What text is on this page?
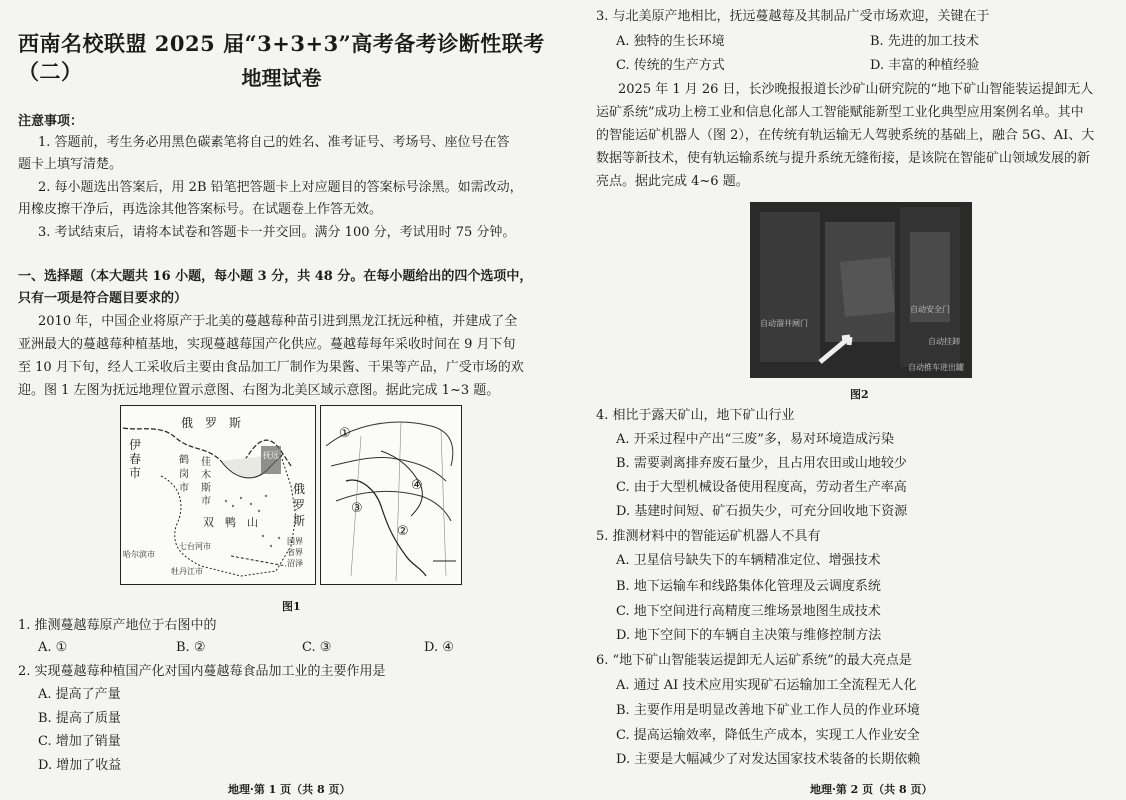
西南名校联盟 2025 届“3+3+3”高考备考诊断性联考（二）	地理试卷
注意事项：
1. 答题前，考生务必用黑色碳素笔将自己的姓名、准考证号、考场号、座位号在答
题卡上填写清楚。
2. 每小题选出答案后，用 2B 铅笔把答题卡上对应题目的答案标号涂黑。如需改动，
用橡皮擦干净后，再选涂其他答案标号。在试题卷上作答无效。
3. 考试结束后，请将本试卷和答题卡一并交回。满分 100 分，考试用时 75 分钟。
一、选择题（本大题共 16 小题，每小题 3 分，共 48 分。在每小题给出的四个选项中，
只有一项是符合题目要求的）
2010 年，中国企业将原产于北美的蔓越莓种苗引进到黑龙江抚远种植，并建成了全
亚洲最大的蔓越莓种植基地，实现蔓越莓国产化供应。蔓越莓每年采收时间在 9 月下旬
至 10 月下旬，经人工采收后主要由食品加工厂制作为果酱、干果等产品，广受市场的欢
迎。图 1 左图为抚远地理位置示意图、右图为北美区域示意图。据此完成 1~3 题。
俄　罗　斯
伊
春
市
俄
罗
斯
鹤
岗
市
佳
木
斯
市
双　鸭　山
哈尔滨市
七台河市
牡丹江市
抚远
国界
省界
沼泽
①
②
③
④
图1
1. 推测蔓越莓原产地位于右图中的
A. ①	B. ②	C. ③	D. ④
2. 实现蔓越莓种植国产化对国内蔓越莓食品加工业的主要作用是
A. 提高了产量
B. 提高了质量
C. 增加了销量
D. 增加了收益
地理·第 1 页（共 8 页）
3. 与北美原产地相比，抚远蔓越莓及其制品广受市场欢迎，关键在于
A. 独特的生长环境	B. 先进的加工技术
C. 传统的生产方式	D. 丰富的种植经验
2025 年 1 月 26 日，长沙晚报报道长沙矿山研究院的“地下矿山智能装运提卸无人
运矿系统”成功上榜工业和信息化部人工智能赋能新型工业化典型应用案例名单。其中
的智能运矿机器人（图 2），在传统有轨运输无人驾驶系统的基础上，融合 5G、AI、大
数据等新技术，使有轨运输系统与提升系统无缝衔接，是该院在智能矿山领域发展的新
亮点。据此完成 4~6 题。
自动安全门
自动溜井闸门
自动挂卸
自动推车进出罐
图2
4. 相比于露天矿山，地下矿山行业
A. 开采过程中产出“三废”多，易对环境造成污染
B. 需要剥离排弃废石量少，且占用农田或山地较少
C. 由于大型机械设备使用程度高，劳动者生产率高
D. 基建时间短、矿石损失少，可充分回收地下资源
5. 推测材料中的智能运矿机器人不具有
A. 卫星信号缺失下的车辆精准定位、增强技术
B. 地下运输车和线路集体化管理及云调度系统
C. 地下空间进行高精度三维场景地图生成技术
D. 地下空间下的车辆自主决策与维修控制方法
6. “地下矿山智能装运提卸无人运矿系统”的最大亮点是
A. 通过 AI 技术应用实现矿石运输加工全流程无人化
B. 主要作用是明显改善地下矿业工作人员的作业环境
C. 提高运输效率，降低生产成本，实现工人作业安全
D. 主要是大幅减少了对发达国家技术装备的长期依赖
地理·第 2 页（共 8 页）
